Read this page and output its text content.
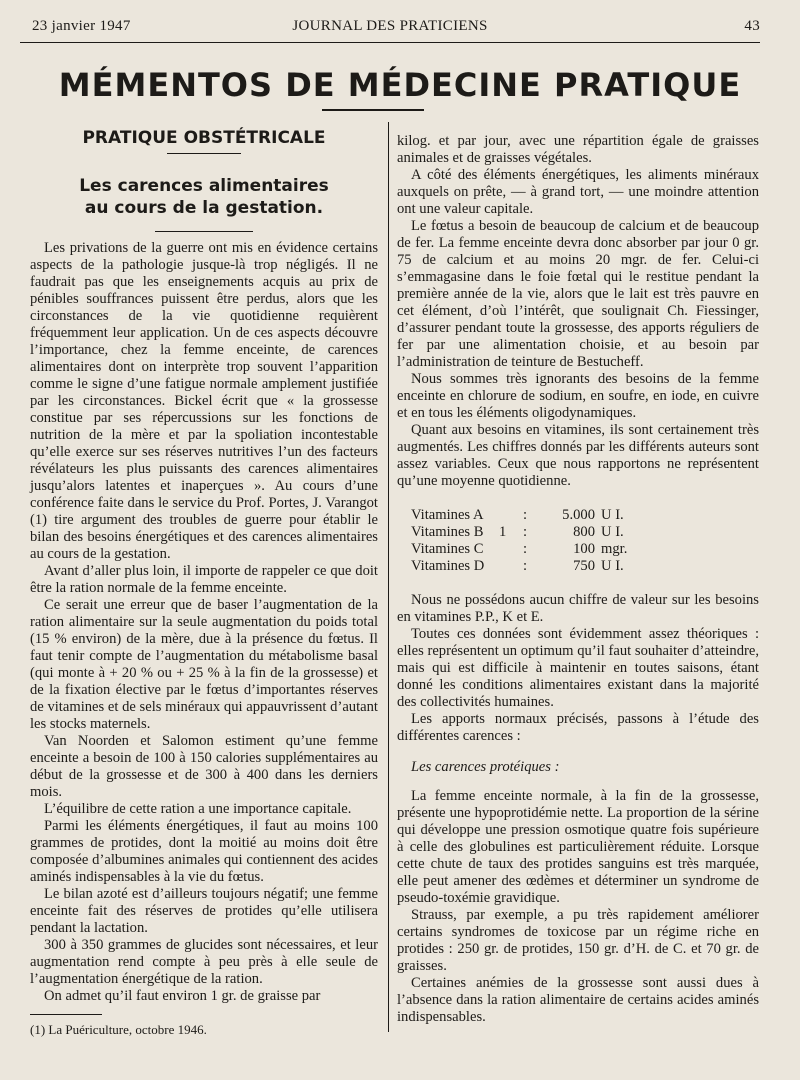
23 janvier 1947	JOURNAL DES PRATICIENS	43
MÉMENTOS DE MÉDECINE PRATIQUE
PRATIQUE OBSTÉTRICALE
Les carences alimentaires
au cours de la gestation.

Les privations de la guerre ont mis en évidence certains aspects de la pathologie jusque-là trop négligés. Il ne faudrait pas que les enseignements acquis au prix de pénibles souffrances puissent être perdus, alors que les circonstances de la vie quotidienne requièrent fréquemment leur application. Un de ces aspects découvre l’importance, chez la femme enceinte, de carences alimentaires dont on interprète trop souvent l’apparition comme le signe d’une fatigue normale amplement justifiée par les circonstances. Bickel écrit que « la grossesse constitue par ses répercussions sur les fonctions de nutrition de la mère et par la spoliation incontestable qu’elle exerce sur ses réserves nutritives l’un des facteurs révélateurs les plus puissants des carences alimentaires jusqu’alors latentes et inaperçues ». Au cours d’une conférence faite dans le service du Prof. Portes, J. Varangot (1) tire argument des troubles de guerre pour établir le bilan des besoins énergétiques et des carences alimentaires au cours de la gestation.

Avant d’aller plus loin, il importe de rappeler ce que doit être la ration normale de la femme enceinte.

Ce serait une erreur que de baser l’augmentation de la ration alimentaire sur la seule augmentation du poids total (15 % environ) de la mère, due à la présence du fœtus. Il faut tenir compte de l’augmentation du métabolisme basal (qui monte à + 20 % ou + 25 % à la fin de la grossesse) et de la fixation élective par le fœtus d’importantes réserves de vitamines et de sels minéraux qui appauvrissent d’autant les stocks maternels.

Van Noorden et Salomon estiment qu’une femme enceinte a besoin de 100 à 150 calories supplémentaires au début de la grossesse et de 300 à 400 dans les derniers mois.

L’équilibre de cette ration a une importance capitale.

Parmi les éléments énergétiques, il faut au moins 100 grammes de protides, dont la moitié au moins doit être composée d’albumines animales qui contiennent des acides aminés indispensables à la vie du fœtus.

Le bilan azoté est d’ailleurs toujours négatif; une femme enceinte fait des réserves de protides qu’elle utilisera pendant la lactation.

300 à 350 grammes de glucides sont nécessaires, et leur augmentation rend compte à peu près à elle seule de l’augmentation énergétique de la ration.

On admet qu’il faut environ 1 gr. de graisse par

(1) La Puériculture, octobre 1946.

kilog. et par jour, avec une répartition égale de graisses animales et de graisses végétales.

A côté des éléments énergétiques, les aliments minéraux auxquels on prête, — à grand tort, — une moindre attention ont une valeur capitale.

Le fœtus a besoin de beaucoup de calcium et de beaucoup de fer. La femme enceinte devra donc absorber par jour 0 gr. 75 de calcium et au moins 20 mgr. de fer. Celui-ci s’emmagasine dans le foie fœtal qui le restitue pendant la première année de la vie, alors que le lait est très pauvre en cet élément, d’où l’intérêt, que soulignait Ch. Fiessinger, d’assurer pendant toute la grossesse, des apports réguliers de fer par une alimentation choisie, et au besoin par l’administration de teinture de Bestucheff.

Nous sommes très ignorants des besoins de la femme enceinte en chlorure de sodium, en soufre, en iode, en cuivre et en tous les éléments oligodynamiques.

Quant aux besoins en vitamines, ils sont certainement très augmentés. Les chiffres donnés par les différents auteurs sont assez variables. Ceux que nous rapportons ne représentent qu’une moyenne quotidienne.

Vitamines A		:	5.000	U I.
Vitamines B	1	:	800	U I.
Vitamines C		:	100	mgr.
Vitamines D		:	750	U I.

Nous ne possédons aucun chiffre de valeur sur les besoins en vitamines P.P., K et E.

Toutes ces données sont évidemment assez théoriques : elles représentent un optimum qu’il faut souhaiter d’atteindre, mais qui est difficile à maintenir en toutes saisons, étant donné les conditions alimentaires existant dans la majorité des collectivités humaines.

Les apports normaux précisés, passons à l’étude des différentes carences :

Les carences protéiques :

La femme enceinte normale, à la fin de la grossesse, présente une hypoprotidémie nette. La proportion de la sérine qui développe une pression osmotique quatre fois supérieure à celle des globulines est particulièrement réduite. Lorsque cette chute de taux des protides sanguins est très marquée, elle peut amener des œdèmes et déterminer un syndrome de pseudo-toxémie gravidique.

Strauss, par exemple, a pu très rapidement améliorer certains syndromes de toxicose par un régime riche en protides : 250 gr. de protides, 150 gr. d’H. de C. et 70 gr. de graisses.

Certaines anémies de la grossesse sont aussi dues à l’absence dans la ration alimentaire de certains acides aminés indispensables.
